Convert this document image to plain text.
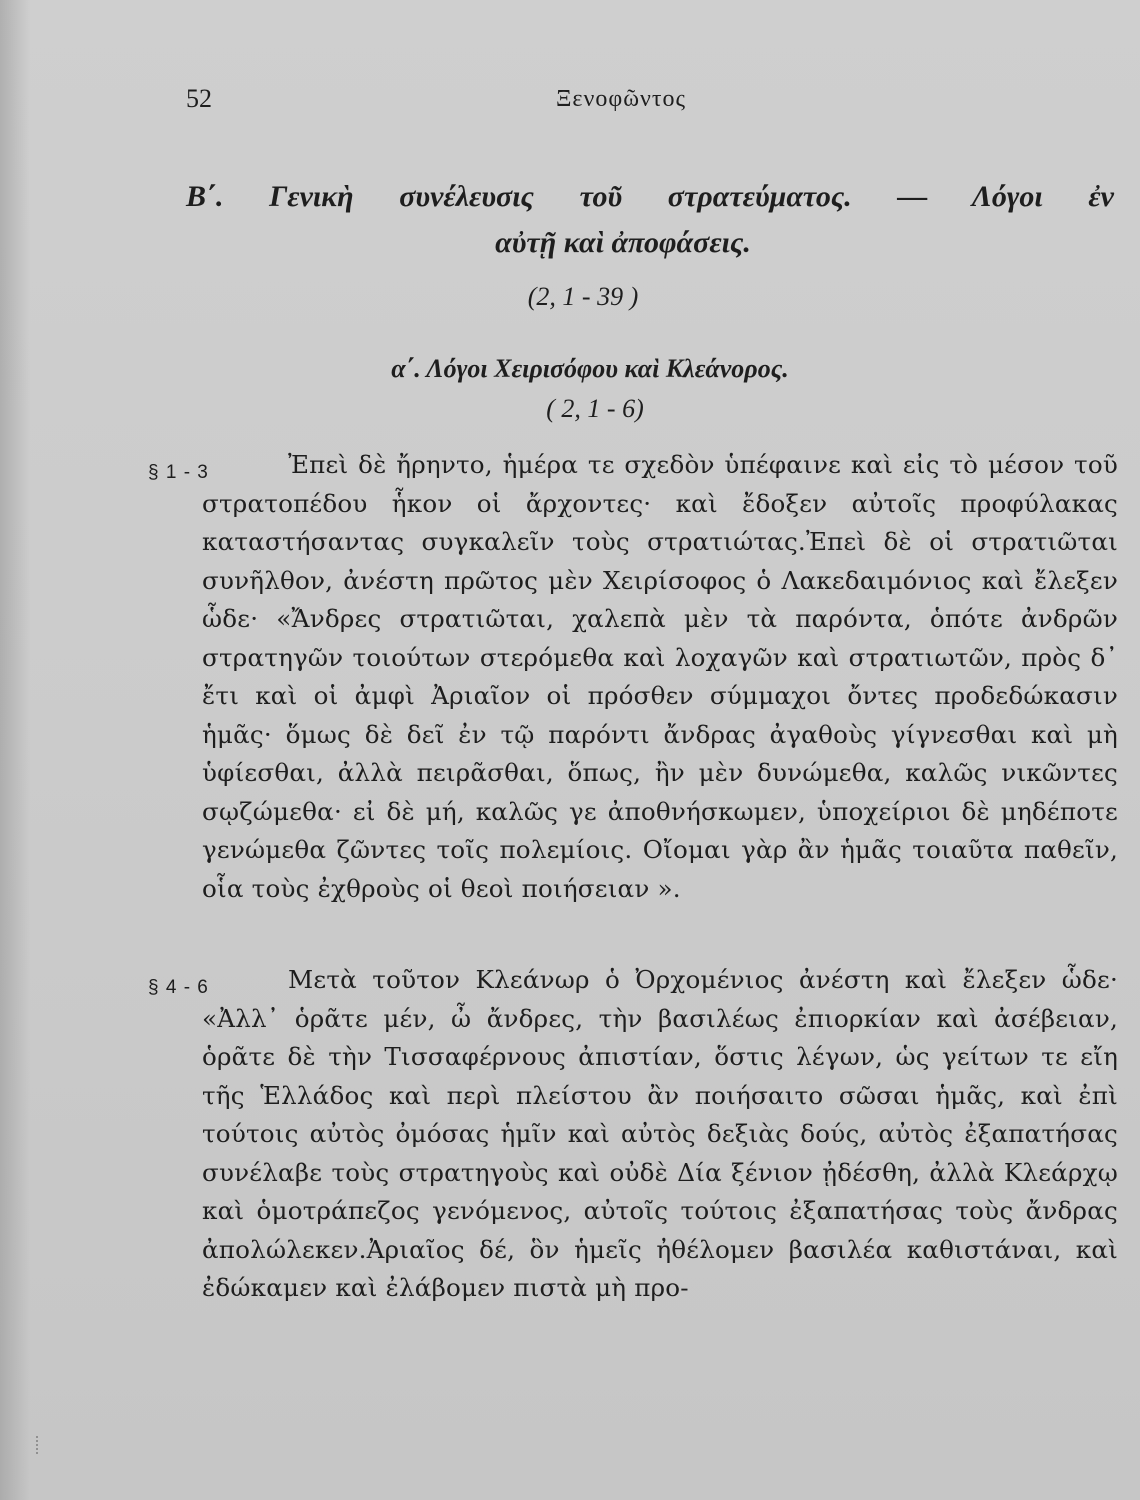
52	Ξενοφῶντος
Β΄. Γενικὴ συνέλευσις τοῦ στρατεύματος. — Λόγοι ἐν
αὐτῇ καὶ ἀποφάσεις.
(2, 1 - 39 )
α΄. Λόγοι Χειρισόφου καὶ Κλεάνορος.
( 2, 1 - 6)
§ 1 - 3	Ἐπεὶ δὲ ἤρηντο, ἡμέρα τε σχεδὸν ὑπέφαινε καὶ εἰς τὸ μέσον τοῦ στρατοπέδου ἧκον οἱ ἄρχοντες· καὶ ἔδοξεν αὐτοῖς προφύλακας καταστήσαντας συγκαλεῖν τοὺς στρατιώτας.Ἐπεὶ δὲ οἱ στρατιῶται συνῆλθον, ἀνέστη πρῶτος μὲν Χειρίσοφος ὁ Λακεδαιμόνιος καὶ ἔλεξεν ὧδε· «Ἄνδρες στρατιῶται, χαλεπὰ μὲν τὰ παρόντα, ὁπότε ἀνδρῶν στρατηγῶν τοιούτων στερόμεθα καὶ λοχαγῶν καὶ στρατιωτῶν, πρὸς δ᾿ ἔτι καὶ οἱ ἀμφὶ Ἀριαῖον οἱ πρόσθεν σύμμαχοι ὄντες προδεδώκασιν ἡμᾶς· ὅμως δὲ δεῖ ἐν τῷ παρόντι ἄνδρας ἀγαθοὺς γίγνεσθαι καὶ μὴ ὑφίεσθαι, ἀλλὰ πειρᾶσθαι, ὅπως, ἢν μὲν δυνώμεθα, καλῶς νικῶντες σῳζώμεθα· εἰ δὲ μή, καλῶς γε ἀποθνήσκωμεν, ὑποχείριοι δὲ μηδέποτε γενώμεθα ζῶντες τοῖς πολεμίοις. Οἴομαι γὰρ ἂν ἡμᾶς τοιαῦτα παθεῖν, οἷα τοὺς ἐχθροὺς οἱ θεοὶ ποιήσειαν ».
§ 4 - 6	Μετὰ τοῦτον Κλεάνωρ ὁ Ὀρχομένιος ἀνέστη καὶ ἔλεξεν ὧδε· «Ἀλλ᾿ ὁρᾶτε μέν, ὦ ἄνδρες, τὴν βασιλέως ἐπιορκίαν καὶ ἀσέβειαν, ὁρᾶτε δὲ τὴν Τισσαφέρνους ἀπιστίαν, ὅστις λέγων, ὡς γείτων τε εἴη τῆς Ἑλλάδος καὶ περὶ πλείστου ἂν ποιήσαιτο σῶσαι ἡμᾶς, καὶ ἐπὶ τούτοις αὐτὸς ὀμόσας ἡμῖν καὶ αὐτὸς δεξιὰς δούς, αὐτὸς ἐξαπατήσας συνέλαβε τοὺς στρατηγοὺς καὶ οὐδὲ Δία ξένιον ᾐδέσθη, ἀλλὰ Κλεάρχῳ καὶ ὁμοτράπεζος γενόμενος, αὐτοῖς τούτοις ἐξαπατήσας τοὺς ἄνδρας ἀπολώλεκεν.Ἀριαῖος δέ, ὃν ἡμεῖς ἠθέλομεν βασιλέα καθιστάναι, καὶ ἐδώκαμεν καὶ ἐλάβομεν πιστὰ μὴ προ-
